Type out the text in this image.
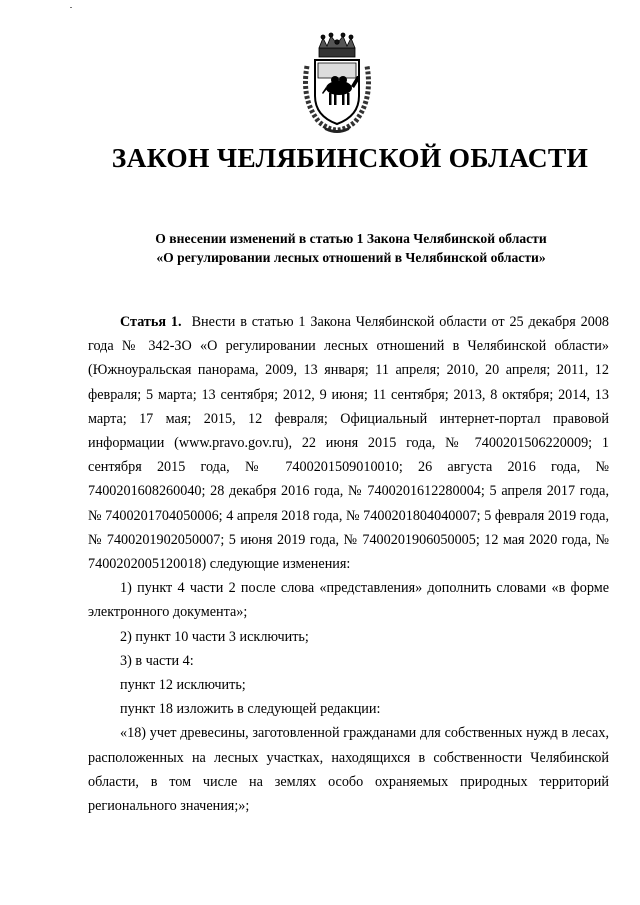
ЗАКОН ЧЕЛЯБИНСКОЙ ОБЛАСТИ
О внесении изменений в статью 1 Закона Челябинской области
«О регулировании лесных отношений в Челябинской области»

Статья 1. Внести в статью 1 Закона Челябинской области от 25 декабря 2008 года № 342-ЗО «О регулировании лесных отношений в Челябинской области» (Южноуральская панорама, 2009, 13 января; 11 апреля; 2010, 20 апреля; 2011, 12 февраля; 5 марта; 13 сентября; 2012, 9 июня; 11 сентября; 2013, 8 октября; 2014, 13 марта; 17 мая; 2015, 12 февраля; Официальный интернет-портал правовой информации (www.pravo.gov.ru), 22 июня 2015 года, № 7400201506220009; 1 сентября 2015 года, № 7400201509010010; 26 августа 2016 года, № 7400201608260040; 28 декабря 2016 года, № 7400201612280004; 5 апреля 2017 года, № 7400201704050006; 4 апреля 2018 года, № 7400201804040007; 5 февраля 2019 года, № 7400201902050007; 5 июня 2019 года, № 7400201906050005; 12 мая 2020 года, № 7400202005120018) следующие изменения:

1) пункт 4 части 2 после слова «представления» дополнить словами «в форме электронного документа»;

2) пункт 10 части 3 исключить;

3) в части 4:

пункт 12 исключить;

пункт 18 изложить в следующей редакции:

«18) учет древесины, заготовленной гражданами для собственных нужд в лесах, расположенных на лесных участках, находящихся в собственности Челябинской области, в том числе на землях особо охраняемых природных территорий регионального значения;»;
